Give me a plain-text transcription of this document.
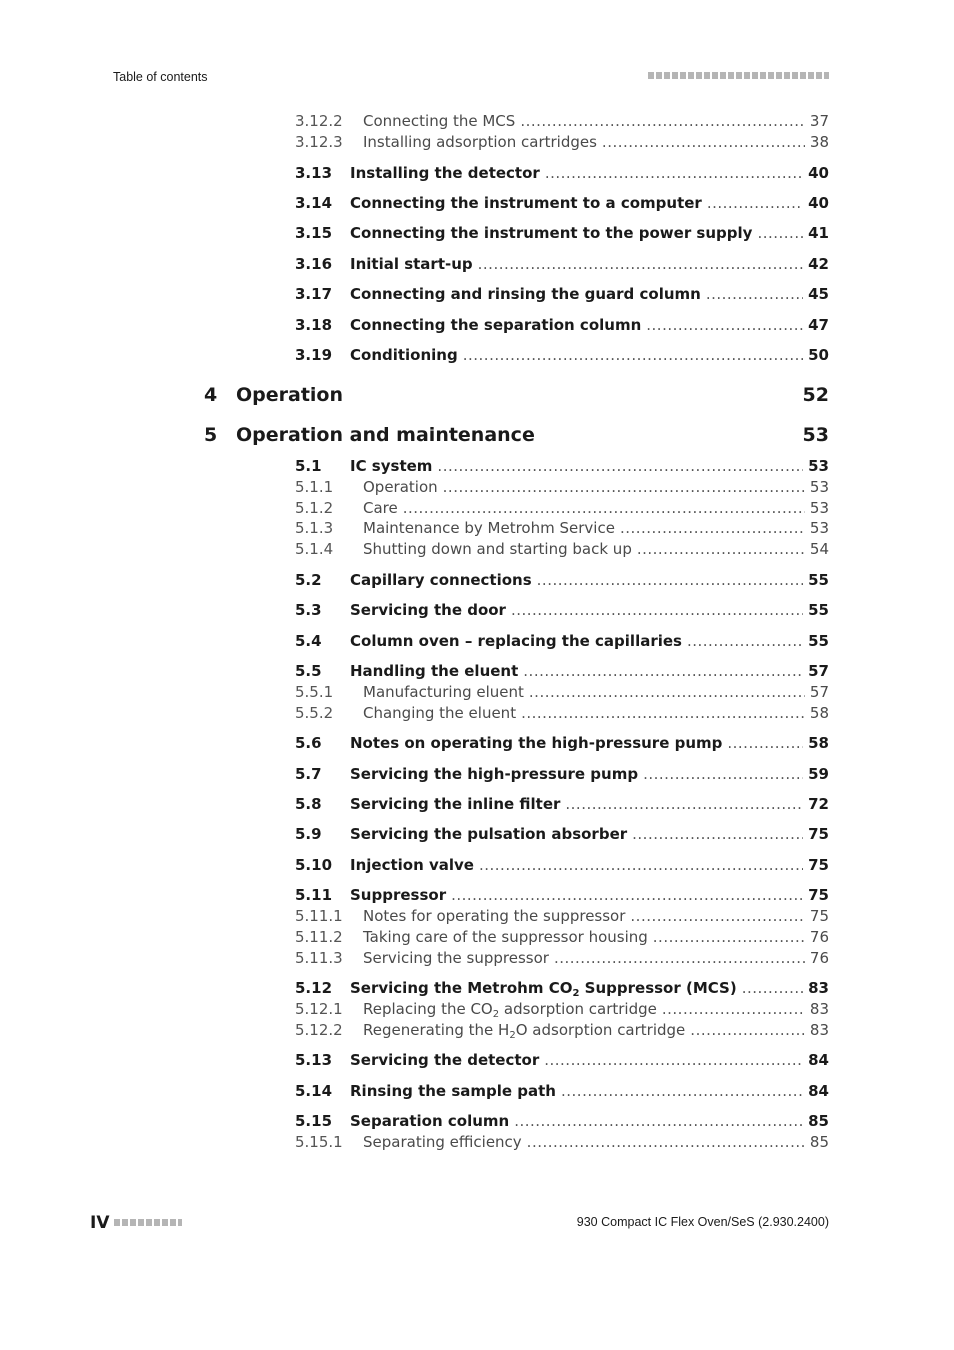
Table of contents
3.12.2	Connecting the MCS .....	37
3.12.3	Installing adsorption cartridges .....	38
3.13	Installing the detector .....	40
3.14	Connecting the instrument to a computer .....	40
3.15	Connecting the instrument to the power supply .....	41
3.16	Initial start-up .....	42
3.17	Connecting and rinsing the guard column .....	45
3.18	Connecting the separation column .....	47
3.19	Conditioning .....	50
4 Operation	52
5 Operation and maintenance	53
5.1	IC system .....	53
5.1.1	Operation .....	53
5.1.2	Care .....	53
5.1.3	Maintenance by Metrohm Service .....	53
5.1.4	Shutting down and starting back up .....	54
5.2	Capillary connections .....	55
5.3	Servicing the door .....	55
5.4	Column oven – replacing the capillaries .....	55
5.5	Handling the eluent .....	57
5.5.1	Manufacturing eluent .....	57
5.5.2	Changing the eluent .....	58
5.6	Notes on operating the high-pressure pump .....	58
5.7	Servicing the high-pressure pump .....	59
5.8	Servicing the inline filter .....	72
5.9	Servicing the pulsation absorber .....	75
5.10	Injection valve .....	75
5.11	Suppressor .....	75
5.11.1	Notes for operating the suppressor .....	75
5.11.2	Taking care of the suppressor housing .....	76
5.11.3	Servicing the suppressor .....	76
5.12	Servicing the Metrohm $CO_2$ Suppressor (MCS) .....	83
5.12.1	Replacing the $CO_2$ adsorption cartridge .....	83
5.12.2	Regenerating the $H_2O$ adsorption cartridge .....	83
5.13	Servicing the detector .....	84
5.14	Rinsing the sample path .....	84
5.15	Separation column .....	85
5.15.1	Separating efficiency .....	85
IV	930 Compact IC Flex Oven/SeS (2.930.2400)
